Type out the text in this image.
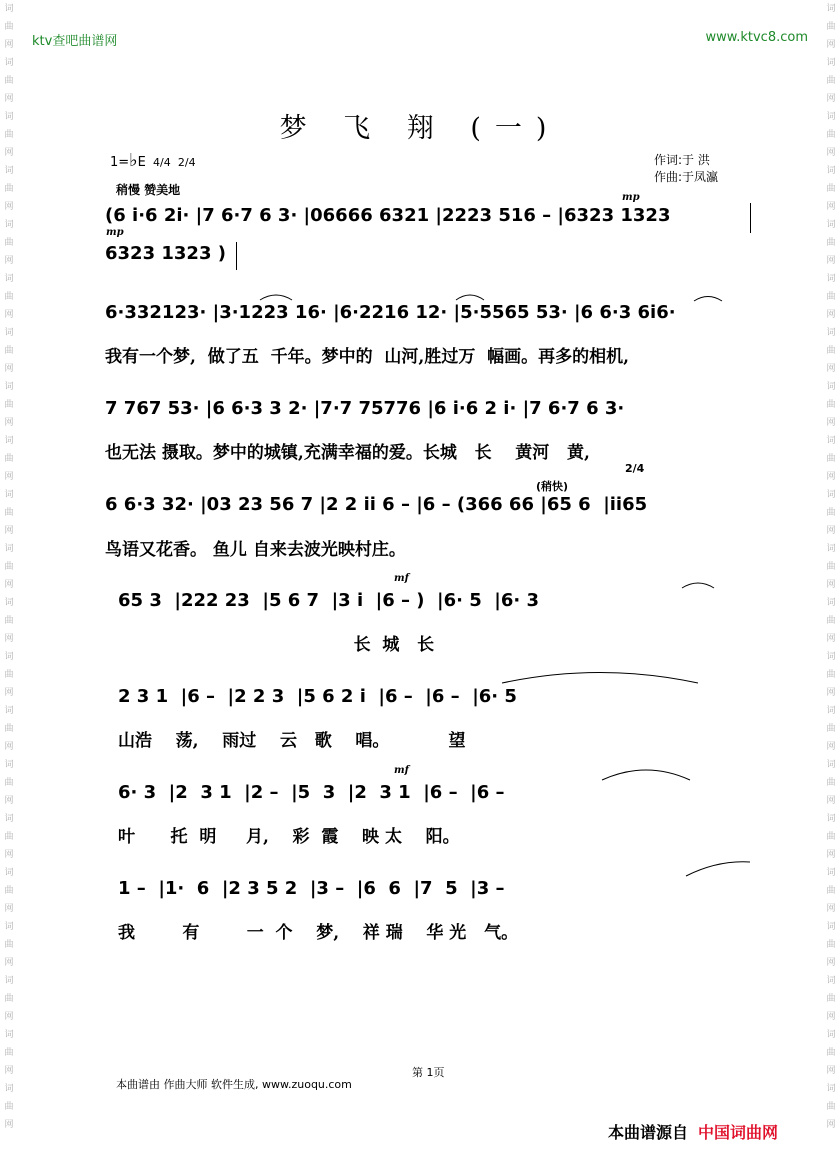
词
曲
网
词
曲
网
词
曲
网
词
曲
网
词
曲
网
词
曲
网
词
曲
网
词
曲
网
词
曲
网
词
曲
网
词
曲
网
词
曲
网
词
曲
网
词
曲
网
词
曲
网
词
曲
网
词
曲
网
词
曲
网
词
曲
网
词
曲
网
词
曲
网
词
曲
网
词
曲
网
词
曲
网
词
曲
网
词
曲
网
词
曲
网
词
曲
网
词
曲
网
词
曲
网
词
曲
网
词
曲
网
词
曲
网
词
曲
网
词
曲
网
词
曲
网
词
曲
网
词
曲
网
词
曲
网
词
曲
网
词
曲
网
词
曲
网
ktv查吧曲谱网	www.ktvc8.com
梦 飞 翔 (一)
1=♭E 4/4 2/4
稍慢 赞美地
作词:于 洪
作曲:于凤瀛
mp
(6 i·6 2i· |7 6·7 6 3· |06666 6321 |2223 516 – |6323 1323
mp
6323 1323 )
6·332123· |3·1223 16· |6·2216 12· |5·5565 53· |6 6·3 6i6·
我有一个梦,  做了五  千年。梦中的  山河,胜过万  幅画。再多的相机,
7 767 53· |6 6·3 3 2· |7·7 75776 |6 i·6 2 i· |7 6·7 6 3·
也无法 摄取。梦中的城镇,充满幸福的爱。长城   长    黄河   黄,
(稍快)
2/4
6 6·3 32· |03 23 56 7 |2 2 ii 6 – |6 – (366 66 |65 6  |ii65
鸟语又花香。 鱼儿 自来去波光映村庄。
mf
65 3  |222 23  |5 6 7  |3 i  |6 – )  |6· 5  |6· 3
长  城   长
2 3 1  |6 –  |2 2 3  |5 6 2 i  |6 –  |6 –  |6· 5
山浩    荡,    雨过    云   歌    唱。          望
mf
6· 3  |2  3 1  |2 –  |5  3  |2  3 1  |6 –  |6 –
叶      托  明     月,    彩  霞    映 太    阳。
1 –  |1·  6  |2 3 5 2  |3 –  |6  6  |7  5  |3 –
我        有        一  个    梦,    祥 瑞    华 光   气。
第 1页
本曲谱由 作曲大师 软件生成, www.zuoqu.com
本曲谱源自 中国词曲网
